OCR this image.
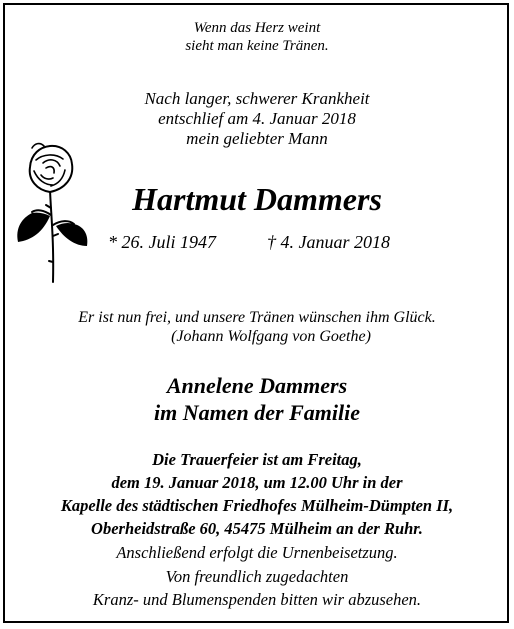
Wenn das Herz weint

sieht man keine Tränen.

Nach langer, schwerer Krankheit

entschlief am 4. Januar 2018

mein geliebter Mann

Hartmut Dammers

* 26. Juli 1947	† 4. Januar 2018

Er ist nun frei, und unsere Tränen wünschen ihm Glück.

(Johann Wolfgang von Goethe)

Annelene Dammers

im Namen der Familie

Die Trauerfeier ist am Freitag,

dem 19. Januar 2018, um 12.00 Uhr in der

Kapelle des städtischen Friedhofes Mülheim-Dümpten II,

Oberheidstraße 60, 45475 Mülheim an der Ruhr.

Anschließend erfolgt die Urnenbeisetzung.

Von freundlich zugedachten

Kranz- und Blumenspenden bitten wir abzusehen.
